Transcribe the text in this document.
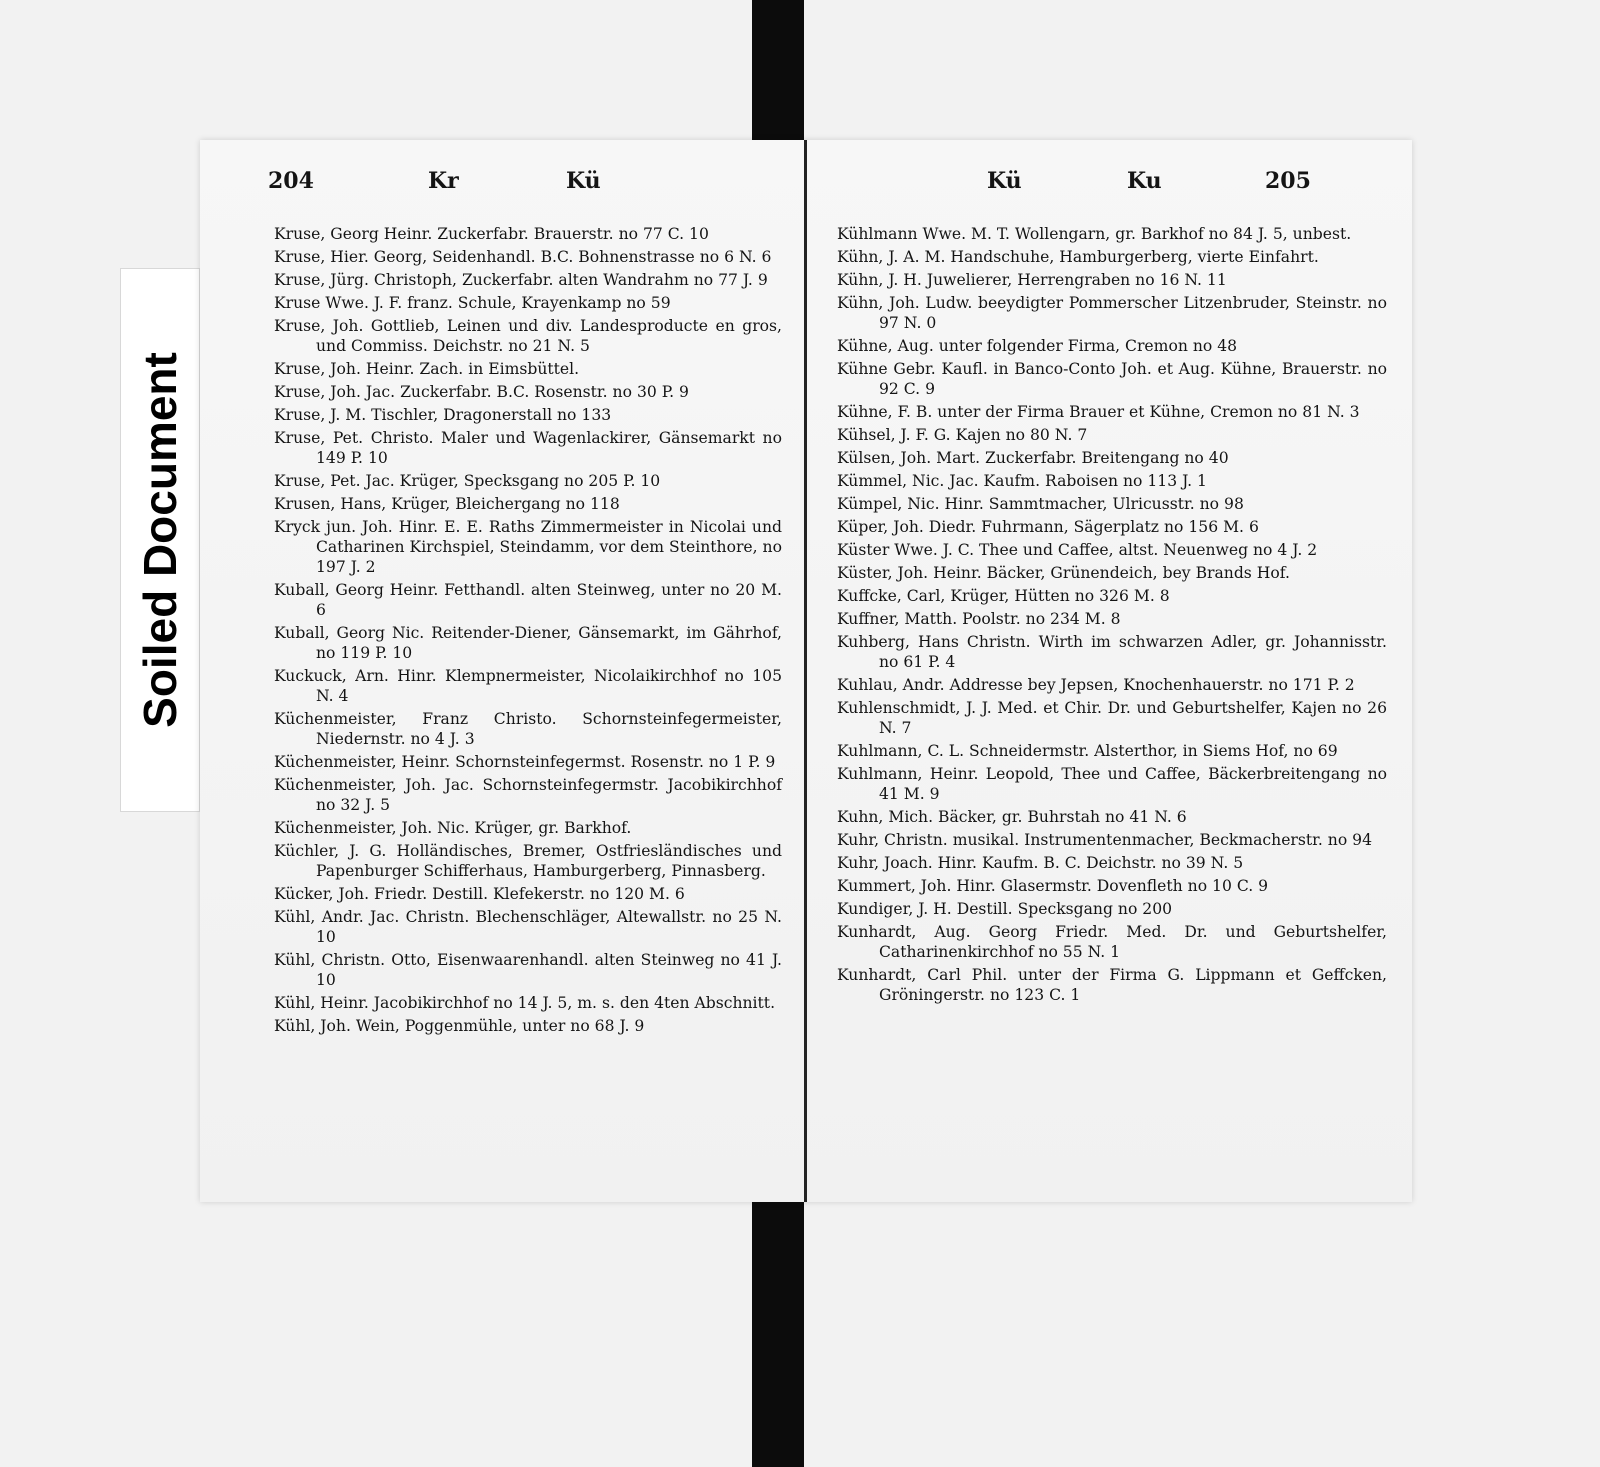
Soiled Document
204	Kr	Kü
Kruse, Georg Heinr. Zuckerfabr. Brauerstr. no 77 C. 10
Kruse, Hier. Georg, Seidenhandl. B.C. Bohnenstrasse no 6 N. 6
Kruse, Jürg. Christoph, Zuckerfabr. alten Wandrahm no 77 J. 9
Kruse Wwe. J. F. franz. Schule, Krayenkamp no 59
Kruse, Joh. Gottlieb, Leinen und div. Landesproducte en gros, und Commiss. Deichstr. no 21 N. 5
Kruse, Joh. Heinr. Zach. in Eimsbüttel.
Kruse, Joh. Jac. Zuckerfabr. B.C. Rosenstr. no 30 P. 9
Kruse, J. M. Tischler, Dragonerstall no 133
Kruse, Pet. Christo. Maler und Wagenlackirer, Gänsemarkt no 149 P. 10
Kruse, Pet. Jac. Krüger, Specksgang no 205 P. 10
Krusen, Hans, Krüger, Bleichergang no 118
Kryck jun. Joh. Hinr. E. E. Raths Zimmermeister in Nicolai und Catharinen Kirchspiel, Steindamm, vor dem Steinthore, no 197 J. 2
Kuball, Georg Heinr. Fetthandl. alten Steinweg, unter no 20 M. 6
Kuball, Georg Nic. Reitender-Diener, Gänsemarkt, im Gährhof, no 119 P. 10
Kuckuck, Arn. Hinr. Klempnermeister, Nicolaikirchhof no 105 N. 4
Küchenmeister, Franz Christo. Schornsteinfegermeister, Niedernstr. no 4 J. 3
Küchenmeister, Heinr. Schornsteinfegermst. Rosenstr. no 1 P. 9
Küchenmeister, Joh. Jac. Schornsteinfegermstr. Jacobikirchhof no 32 J. 5
Küchenmeister, Joh. Nic. Krüger, gr. Barkhof.
Küchler, J. G. Holländisches, Bremer, Ostfriesländisches und Papenburger Schifferhaus, Hamburgerberg, Pinnasberg.
Kücker, Joh. Friedr. Destill. Klefekerstr. no 120 M. 6
Kühl, Andr. Jac. Christn. Blechenschläger, Altewallstr. no 25 N. 10
Kühl, Christn. Otto, Eisenwaarenhandl. alten Steinweg no 41 J. 10
Kühl, Heinr. Jacobikirchhof no 14 J. 5, m. s. den 4ten Abschnitt.
Kühl, Joh. Wein, Poggenmühle, unter no 68 J. 9
Kü	Ku	205
Kühlmann Wwe. M. T. Wollengarn, gr. Barkhof no 84 J. 5, unbest.
Kühn, J. A. M. Handschuhe, Hamburgerberg, vierte Einfahrt.
Kühn, J. H. Juwelierer, Herrengraben no 16 N. 11
Kühn, Joh. Ludw. beeydigter Pommerscher Litzenbruder, Steinstr. no 97 N. 0
Kühne, Aug. unter folgender Firma, Cremon no 48
Kühne Gebr. Kaufl. in Banco-Conto Joh. et Aug. Kühne, Brauerstr. no 92 C. 9
Kühne, F. B. unter der Firma Brauer et Kühne, Cremon no 81 N. 3
Kühsel, J. F. G. Kajen no 80 N. 7
Külsen, Joh. Mart. Zuckerfabr. Breitengang no 40
Kümmel, Nic. Jac. Kaufm. Raboisen no 113 J. 1
Kümpel, Nic. Hinr. Sammtmacher, Ulricusstr. no 98
Küper, Joh. Diedr. Fuhrmann, Sägerplatz no 156 M. 6
Küster Wwe. J. C. Thee und Caffee, altst. Neuenweg no 4 J. 2
Küster, Joh. Heinr. Bäcker, Grünendeich, bey Brands Hof.
Kuffcke, Carl, Krüger, Hütten no 326 M. 8
Kuffner, Matth. Poolstr. no 234 M. 8
Kuhberg, Hans Christn. Wirth im schwarzen Adler, gr. Johannisstr. no 61 P. 4
Kuhlau, Andr. Addresse bey Jepsen, Knochenhauerstr. no 171 P. 2
Kuhlenschmidt, J. J. Med. et Chir. Dr. und Geburtshelfer, Kajen no 26 N. 7
Kuhlmann, C. L. Schneidermstr. Alsterthor, in Siems Hof, no 69
Kuhlmann, Heinr. Leopold, Thee und Caffee, Bäckerbreitengang no 41 M. 9
Kuhn, Mich. Bäcker, gr. Buhrstah no 41 N. 6
Kuhr, Christn. musikal. Instrumentenmacher, Beckmacherstr. no 94
Kuhr, Joach. Hinr. Kaufm. B. C. Deichstr. no 39 N. 5
Kummert, Joh. Hinr. Glasermstr. Dovenfleth no 10 C. 9
Kundiger, J. H. Destill. Specksgang no 200
Kunhardt, Aug. Georg Friedr. Med. Dr. und Geburtshelfer, Catharinenkirchhof no 55 N. 1
Kunhardt, Carl Phil. unter der Firma G. Lippmann et Geffcken, Gröningerstr. no 123 C. 1
